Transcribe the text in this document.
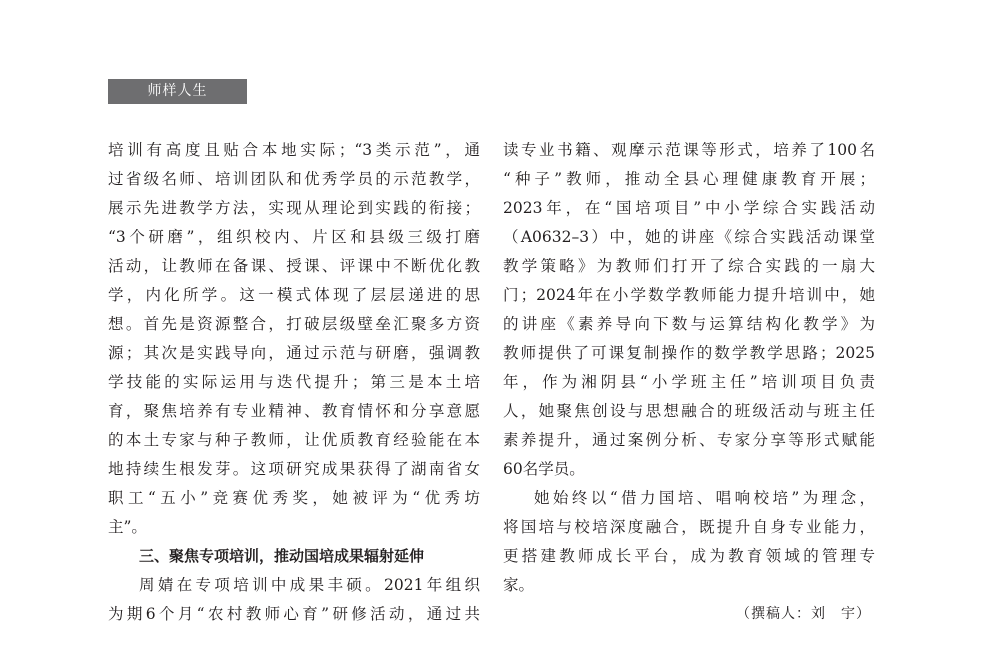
师样人生
培训有高度且贴合本地实际；“3类示范”，通
过省级名师、培训团队和优秀学员的示范教学，
展示先进教学方法，实现从理论到实践的衔接；
“3个研磨”，组织校内、片区和县级三级打磨
活动，让教师在备课、授课、评课中不断优化教
学，内化所学。这一模式体现了层层递进的思
想。首先是资源整合，打破层级壁垒汇聚多方资
源；其次是实践导向，通过示范与研磨，强调教
学技能的实际运用与迭代提升；第三是本土培
育，聚焦培养有专业精神、教育情怀和分享意愿
的本土专家与种子教师，让优质教育经验能在本
地持续生根发芽。这项研究成果获得了湖南省女
职工“五小”竞赛优秀奖，她被评为“优秀坊
主”。
三、聚焦专项培训，推动国培成果辐射延伸
周婧在专项培训中成果丰硕。2021年组织
为期6个月“农村教师心育”研修活动，通过共
读专业书籍、观摩示范课等形式，培养了100名
“种子”教师，推动全县心理健康教育开展；
2023年，在“国培项目”中小学综合实践活动
（A0632–3）中，她的讲座《综合实践活动课堂
教学策略》为教师们打开了综合实践的一扇大
门；2024年在小学数学教师能力提升培训中，她
的讲座《素养导向下数与运算结构化教学》为
教师提供了可课复制操作的数学教学思路；2025
年，作为湘阴县“小学班主任”培训项目负责
人，她聚焦创设与思想融合的班级活动与班主任
素养提升，通过案例分析、专家分享等形式赋能
60名学员。
她始终以“借力国培、唱响校培”为理念，
将国培与校培深度融合，既提升自身专业能力，
更搭建教师成长平台，成为教育领域的管理专
家。
（撰稿人：刘　宇）
